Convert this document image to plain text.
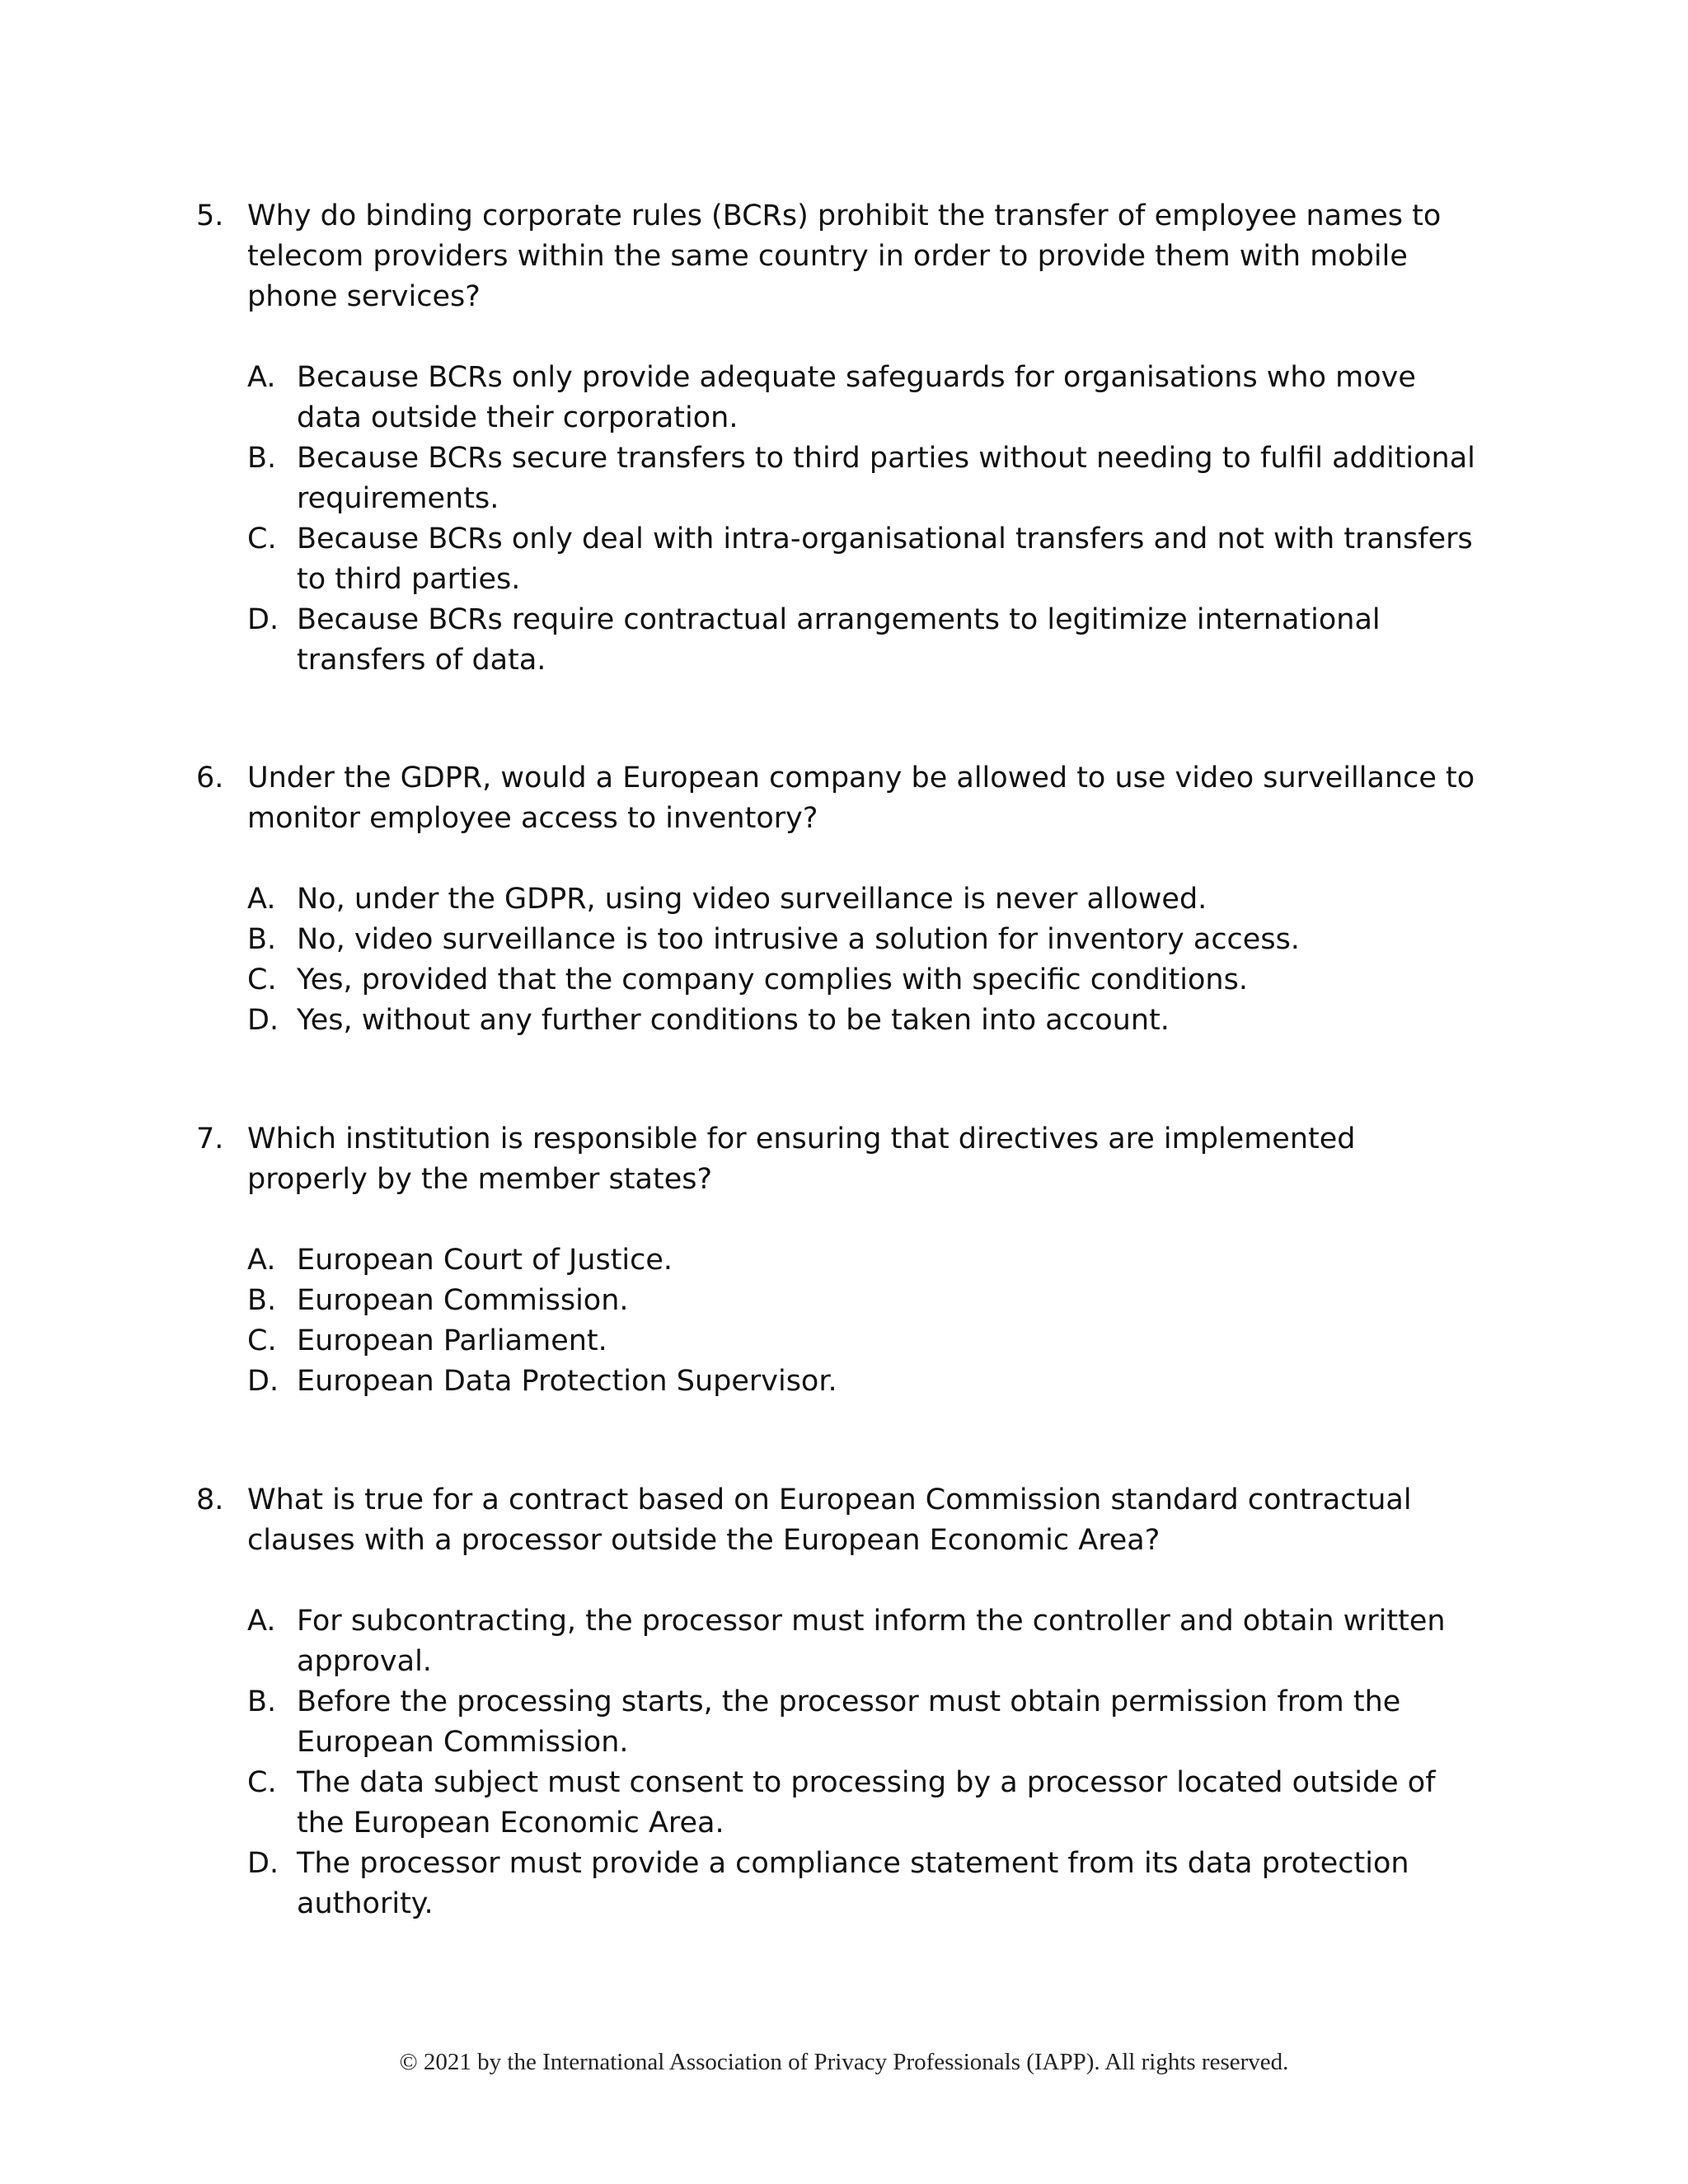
5. Why do binding corporate rules (BCRs) prohibit the transfer of employee names to telecom providers within the same country in order to provide them with mobile phone services?
A. Because BCRs only provide adequate safeguards for organisations who move data outside their corporation.
B. Because BCRs secure transfers to third parties without needing to fulfil additional requirements.
C. Because BCRs only deal with intra-organisational transfers and not with transfers to third parties.
D. Because BCRs require contractual arrangements to legitimize international transfers of data.
6. Under the GDPR, would a European company be allowed to use video surveillance to monitor employee access to inventory?
A. No, under the GDPR, using video surveillance is never allowed.
B. No, video surveillance is too intrusive a solution for inventory access.
C. Yes, provided that the company complies with specific conditions.
D. Yes, without any further conditions to be taken into account.
7. Which institution is responsible for ensuring that directives are implemented properly by the member states?
A. European Court of Justice.
B. European Commission.
C. European Parliament.
D. European Data Protection Supervisor.
8. What is true for a contract based on European Commission standard contractual clauses with a processor outside the European Economic Area?
A. For subcontracting, the processor must inform the controller and obtain written approval.
B. Before the processing starts, the processor must obtain permission from the European Commission.
C. The data subject must consent to processing by a processor located outside of the European Economic Area.
D. The processor must provide a compliance statement from its data protection authority.
© 2021 by the International Association of Privacy Professionals (IAPP). All rights reserved.
